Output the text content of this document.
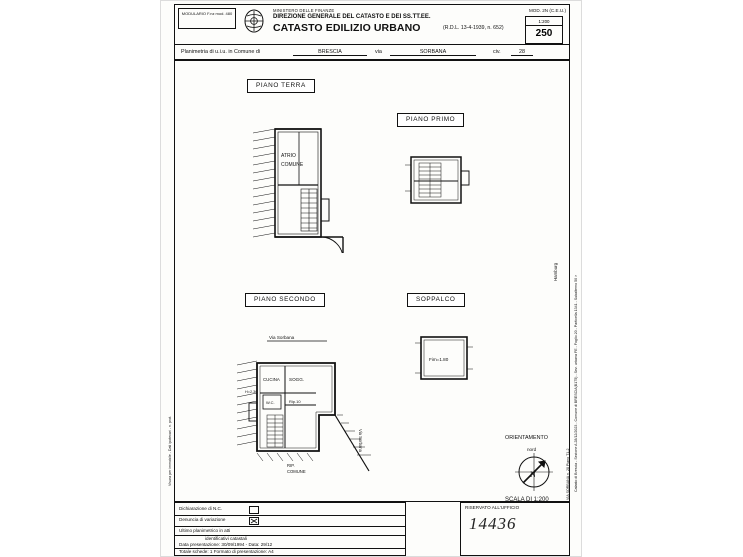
MODULARIO F.nz mod. 480
MINISTERO DELLE FINANZE
DIREZIONE GENERALE DEL CATASTO E DEI SS.TT.EE.
CATASTO EDILIZIO URBANO	(R.D.L. 13-4-1939, n. 652)
MOD. 2N (C.E.U.)
1:200
250
Planimetria di u.i.u. in Comune di	BRESCIA	via	SORBANA	civ.	28
PIANO TERRA
ATRIO
COMUNE
PIANO PRIMO
PIANO SECONDO
Via Sorbana
CUCINA SOGG.
W.C.	Rip.10
H=2.36
RIP.
COMUNE
Via Sorbana
SOPPALCO
Fim=1.80
ORIENTAMENTO
nord
N
SCALA DI 1:200
Hamburg
Catasto di Brescia - Sezione A 28/12/2023 - Comune di BRESCIA(B175) - Sez. urbana FE - Foglio 20 - Particella 1341 - Subalterno 50 >
VIA SORBANA n. 28 Piano T1-2
Visura per immobile - Dati ipotecari - n. prot.
Dichiarazione di N.C.
Denuncia di variazione
Ultimo planimetrico in atti
identificativi catastali
Data presentazione: 30/09/1994 - Data: 29/12
Totale schede: 1 Formato di presentazione: A4
RISERVATO ALL'UFFICIO
14436
